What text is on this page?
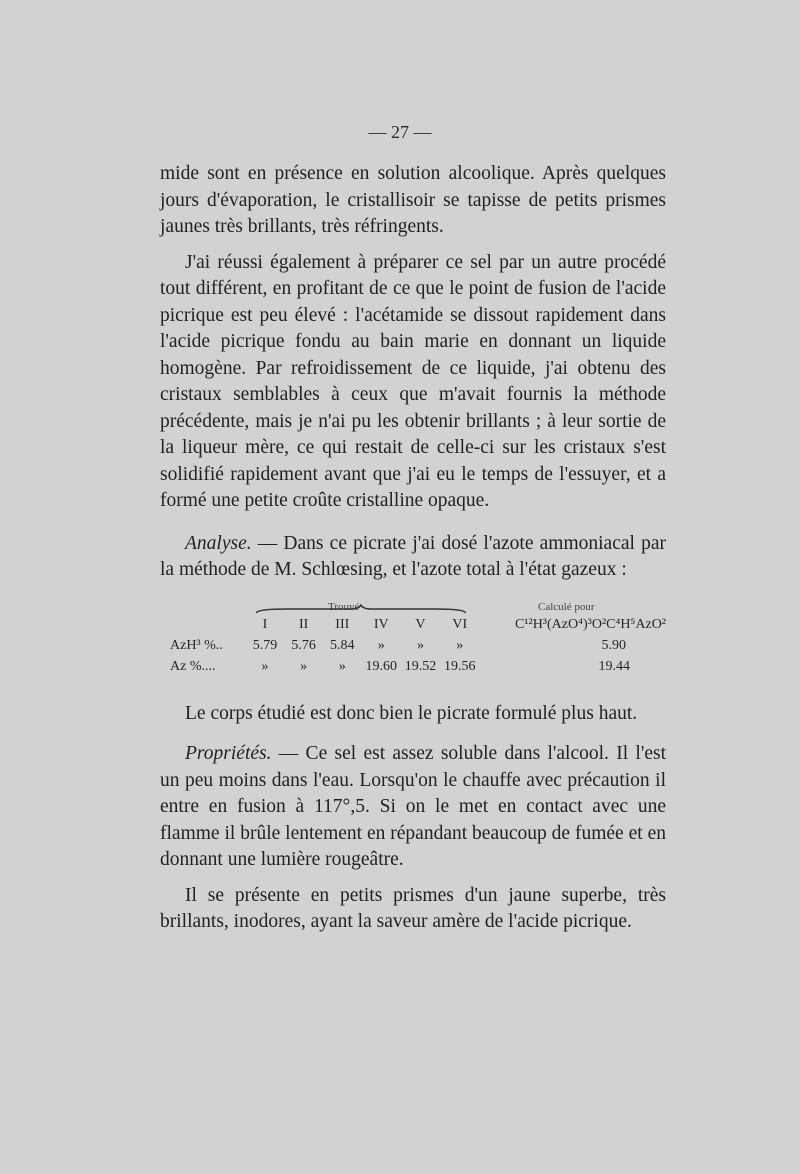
— 27 —

mide sont en présence en solution alcoolique. Après quelques jours d'évaporation, le cristallisoir se tapisse de petits prismes jaunes très brillants, très réfringents.

J'ai réussi également à préparer ce sel par un autre procédé tout différent, en profitant de ce que le point de fusion de l'acide picrique est peu élevé : l'acétamide se dissout rapidement dans l'acide picrique fondu au bain marie en donnant un liquide homogène. Par refroidissement de ce liquide, j'ai obtenu des cristaux semblables à ceux que m'avait fournis la méthode précédente, mais je n'ai pu les obtenir brillants ; à leur sortie de la liqueur mère, ce qui restait de celle-ci sur les cristaux s'est solidifié rapidement avant que j'ai eu le temps de l'essuyer, et a formé une petite croûte cristalline opaque.

Analyse. — Dans ce picrate j'ai dosé l'azote ammoniacal par la méthode de M. Schlœsing, et l'azote total à l'état gazeux :

Trouvé	Calculé pour
	I	II	III	IV	V	VI	C¹²H³(AzO⁴)³O²C⁴H⁵AzO²
AzH³ %..	5.79	5.76	5.84	»	»	»	5.90
Az %....	»	»	»	19.60	19.52	19.56	19.44

Le corps étudié est donc bien le picrate formulé plus haut.

Propriétés. — Ce sel est assez soluble dans l'alcool. Il l'est un peu moins dans l'eau. Lorsqu'on le chauffe avec précaution il entre en fusion à 117°,5. Si on le met en contact avec une flamme il brûle lentement en répandant beaucoup de fumée et en donnant une lumière rougeâtre.

Il se présente en petits prismes d'un jaune superbe, très brillants, inodores, ayant la saveur amère de l'acide picrique.
